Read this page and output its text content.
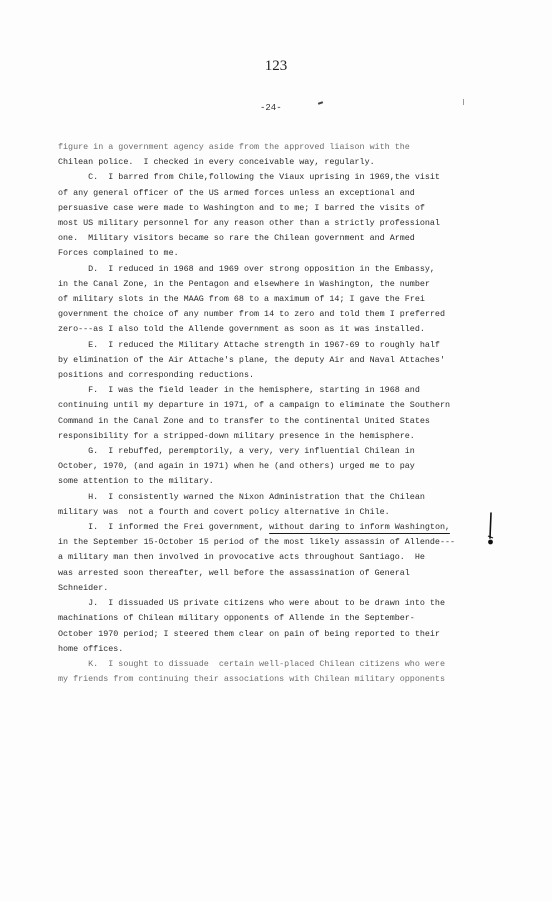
123
-24-
figure in a government agency aside from the approved liaison with the
Chilean police.  I checked in every conceivable way, regularly.
C.  I barred from Chile,following the Viaux uprising in 1969,the visit
of any general officer of the US armed forces unless an exceptional and
persuasive case were made to Washington and to me; I barred the visits of
most US military personnel for any reason other than a strictly professional
one.  Military visitors became so rare the Chilean government and Armed
Forces complained to me.
D.  I reduced in 1968 and 1969 over strong opposition in the Embassy,
in the Canal Zone, in the Pentagon and elsewhere in Washington, the number
of military slots in the MAAG from 68 to a maximum of 14; I gave the Frei
government the choice of any number from 14 to zero and told them I preferred
zero---as I also told the Allende government as soon as it was installed.
E.  I reduced the Military Attache strength in 1967-69 to roughly half
by elimination of the Air Attache's plane, the deputy Air and Naval Attaches'
positions and corresponding reductions.
F.  I was the field leader in the hemisphere, starting in 1968 and
continuing until my departure in 1971, of a campaign to eliminate the Southern
Command in the Canal Zone and to transfer to the continental United States
responsibility for a stripped-down military presence in the hemisphere.
G.  I rebuffed, peremptorily, a very, very influential Chilean in
October, 1970, (and again in 1971) when he (and others) urged me to pay
some attention to the military.
H.  I consistently warned the Nixon Administration that the Chilean
military was  not a fourth and covert policy alternative in Chile.
I.  I informed the Frei government, without daring to inform Washington,
in the September 15-October 15 period of the most likely assassin of Allende---
a military man then involved in provocative acts throughout Santiago.  He
was arrested soon thereafter, well before the assassination of General
Schneider.
J.  I dissuaded US private citizens who were about to be drawn into the
machinations of Chilean military opponents of Allende in the September-
October 1970 period; I steered them clear on pain of being reported to their
home offices.
K.  I sought to dissuade  certain well-placed Chilean citizens who were
my friends from continuing their associations with Chilean military opponents
